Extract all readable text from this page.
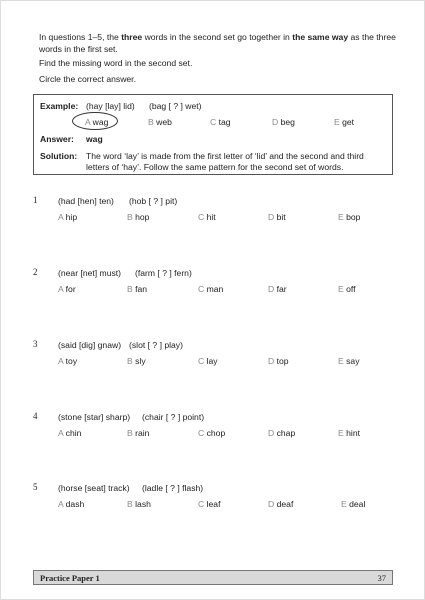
In questions 1–5, the three words in the second set go together in the same way as the three words in the first set.

Find the missing word in the second set.

Circle the correct answer.

Example: (hay [lay] lid) (bag [ ? ] wet)
A wag	B web	C tag	D beg	E get
Answer: wag
Solution: The word ‘lay’ is made from the first letter of ‘lid’ and the second and third
letters of ‘hay’. Follow the same pattern for the second set of words.
1 (had [hen] ten) (hob [ ? ] pit)
A hip	B hop	C hit	D bit	E bop
2 (near [net] must) (farm [ ? ] fern)
A for	B fan	C man	D far	E off
3 (said [dig] gnaw) (slot [ ? ] play)
A toy	B sly	C lay	D top	E say
4 (stone [star] sharp) (chair [ ? ] point)
A chin	B rain	C chop	D chap	E hint
5 (horse [seat] track) (ladle [ ? ] flash)
A dash	B lash	C leaf	D deaf	E deal
Practice Paper 1	37
